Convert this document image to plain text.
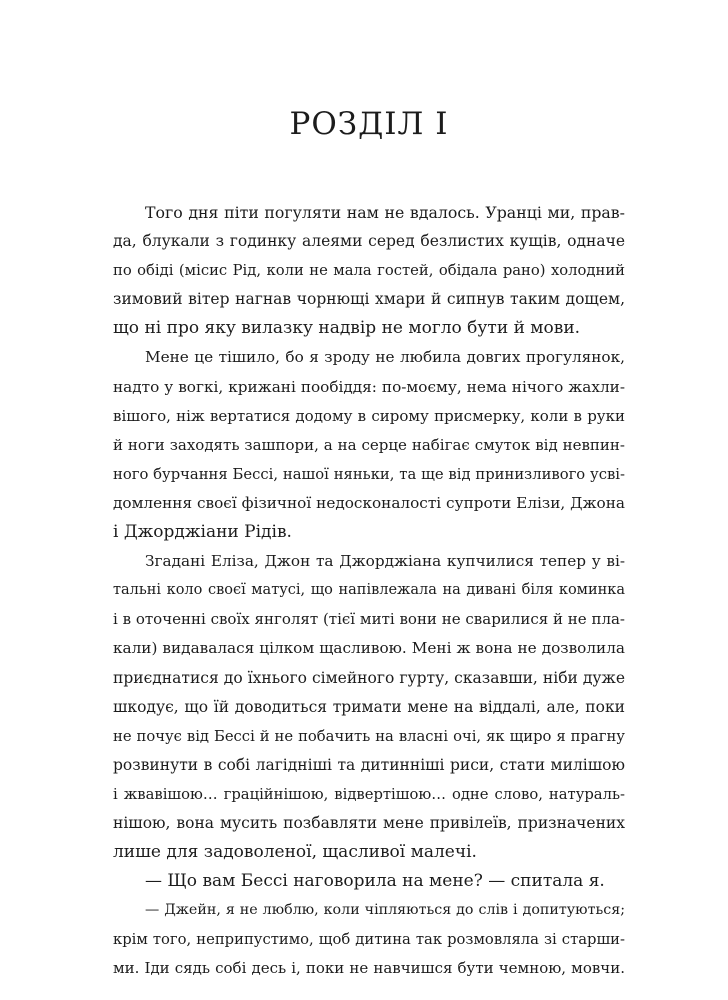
РОЗДІЛ І
Того дня піти погуляти нам не вдалось. Уранці ми, прав-
да, блукали з годинку алеями серед безлистих кущів, одначе
по обіді (місис Рід, коли не мала гостей, обідала рано) холодний
зимовий вітер нагнав чорнющі хмари й сипнув таким дощем,
що ні про яку вилазку надвір не могло бути й мови.
Мене це тішило, бо я зроду не любила довгих прогулянок,
надто у вогкі, крижані пообіддя: по-моєму, нема нічого жахли-
вішого, ніж вертатися додому в сирому присмерку, коли в руки
й ноги заходять зашпори, а на серце набігає смуток від невпин-
ного бурчання Бессі, нашої няньки, та ще від принизливого усві-
домлення своєї фізичної недосконалості супроти Елізи, Джона
і Джорджіани Рідів.
Згадані Еліза, Джон та Джорджіана купчилися тепер у ві-
тальні коло своєї матусі, що напівлежала на дивані біля коминка
і в оточенні своїх янголят (тієї миті вони не сварилися й не пла-
кали) видавалася цілком щасливою. Мені ж вона не дозволила
приєднатися до їхнього сімейного гурту, сказавши, ніби дуже
шкодує, що їй доводиться тримати мене на віддалі, але, поки
не почує від Бессі й не побачить на власні очі, як щиро я прагну
розвинути в собі лагідніші та дитинніші риси, стати милішою
і жвавішою… грацiйнішою, відвертішою… одне слово, натураль-
нішою, вона мусить позбавляти мене привілеїв, призначених
лише для задоволеної, щасливої малечі.
— Що вам Бессі наговорила на мене? — спитала я.
— Джейн, я не люблю, коли чіпляються до слів і допитуються;
крім того, неприпустимо, щоб дитина так розмовляла зі старши-
ми. Іди сядь собі десь і, поки не навчишся бути чемною, мовчи.
